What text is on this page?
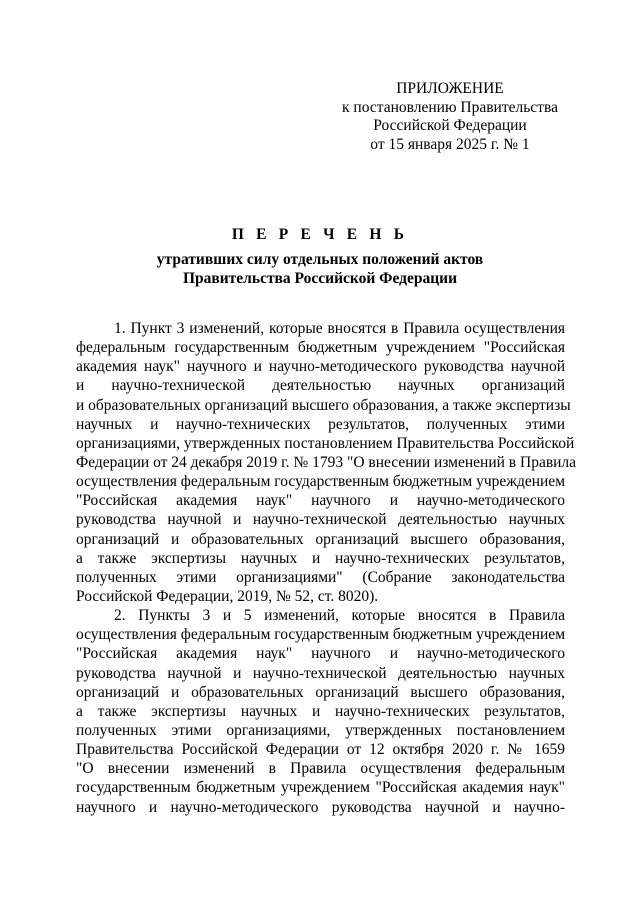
ПРИЛОЖЕНИЕ
к постановлению Правительства
Российской Федерации
от 15 января 2025 г. № 1
П Е Р Е Ч Е Н Ь
утративших силу отдельных положений актов
Правительства Российской Федерации
1. Пункт 3 изменений, которые вносятся в Правила осуществления
федеральным государственным бюджетным учреждением "Российская
академия наук" научного и научно-методического руководства научной
и научно-технической деятельностью научных организаций
и образовательных организаций высшего образования, а также экспертизы
научных и научно-технических результатов, полученных этими
организациями, утвержденных постановлением Правительства Российской
Федерации от 24 декабря 2019 г. № 1793 "О внесении изменений в Правила
осуществления федеральным государственным бюджетным учреждением
"Российская академия наук" научного и научно-методического
руководства научной и научно-технической деятельностью научных
организаций и образовательных организаций высшего образования,
а также экспертизы научных и научно-технических результатов,
полученных этими организациями" (Собрание законодательства
Российской Федерации, 2019, № 52, ст. 8020).
2. Пункты 3 и 5 изменений, которые вносятся в Правила
осуществления федеральным государственным бюджетным учреждением
"Российская академия наук" научного и научно-методического
руководства научной и научно-технической деятельностью научных
организаций и образовательных организаций высшего образования,
а также экспертизы научных и научно-технических результатов,
полученных этими организациями, утвержденных постановлением
Правительства Российской Федерации от 12 октября 2020 г. № 1659
"О внесении изменений в Правила осуществления федеральным
государственным бюджетным учреждением "Российская академия наук"
научного и научно-методического руководства научной и научно-
